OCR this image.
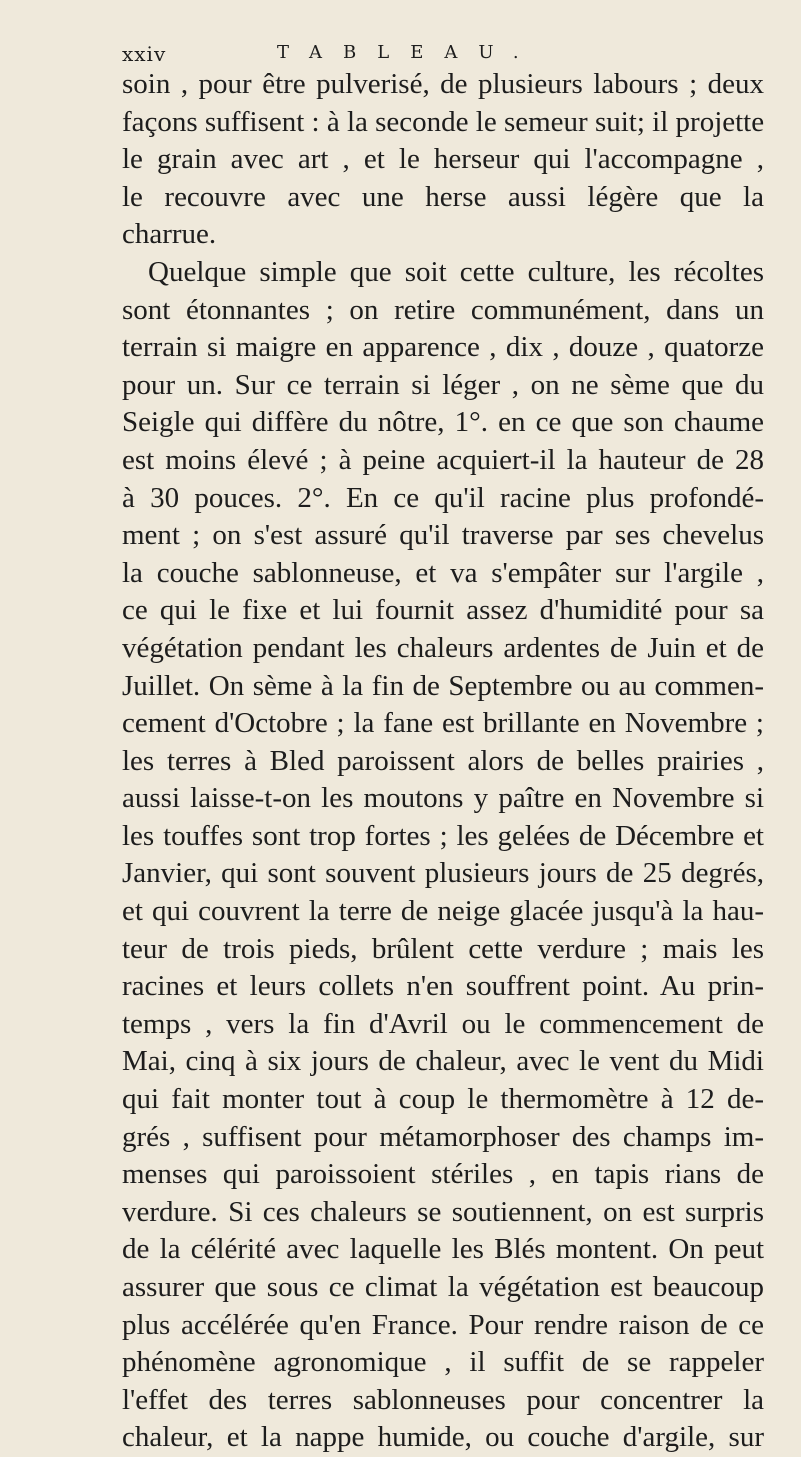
xxiv	TABLEAU.
soin , pour être pulverisé, de plusieurs labours ; deux
façons suffisent : à la seconde le semeur suit; il projette
le grain avec art , et le herseur qui l'accompagne ,
le recouvre avec une herse aussi légère que la
charrue.
Quelque simple que soit cette culture, les récoltes
sont étonnantes ; on retire communément, dans un
terrain si maigre en apparence , dix , douze , quatorze
pour un. Sur ce terrain si léger , on ne sème que du
Seigle qui diffère du nôtre, 1°. en ce que son chaume
est moins élevé ; à peine acquiert-il la hauteur de 28
à 30 pouces. 2°. En ce qu'il racine plus profondé-
ment ; on s'est assuré qu'il traverse par ses chevelus
la couche sablonneuse, et va s'empâter sur l'argile ,
ce qui le fixe et lui fournit assez d'humidité pour sa
végétation pendant les chaleurs ardentes de Juin et de
Juillet. On sème à la fin de Septembre ou au commen-
cement d'Octobre ; la fane est brillante en Novembre ;
les terres à Bled paroissent alors de belles prairies ,
aussi laisse-t-on les moutons y paître en Novembre si
les touffes sont trop fortes ; les gelées de Décembre et
Janvier, qui sont souvent plusieurs jours de 25 degrés,
et qui couvrent la terre de neige glacée jusqu'à la hau-
teur de trois pieds, brûlent cette verdure ; mais les
racines et leurs collets n'en souffrent point. Au prin-
temps , vers la fin d'Avril ou le commencement de
Mai, cinq à six jours de chaleur, avec le vent du Midi
qui fait monter tout à coup le thermomètre à 12 de-
grés , suffisent pour métamorphoser des champs im-
menses qui paroissoient stériles , en tapis rians de
verdure. Si ces chaleurs se soutiennent, on est surpris
de la célérité avec laquelle les Blés montent. On peut
assurer que sous ce climat la végétation est beaucoup
plus accélérée qu'en France. Pour rendre raison de ce
phénomène agronomique , il suffit de se rappeler
l'effet des terres sablonneuses pour concentrer la
chaleur, et la nappe humide, ou couche d'argile, sur
